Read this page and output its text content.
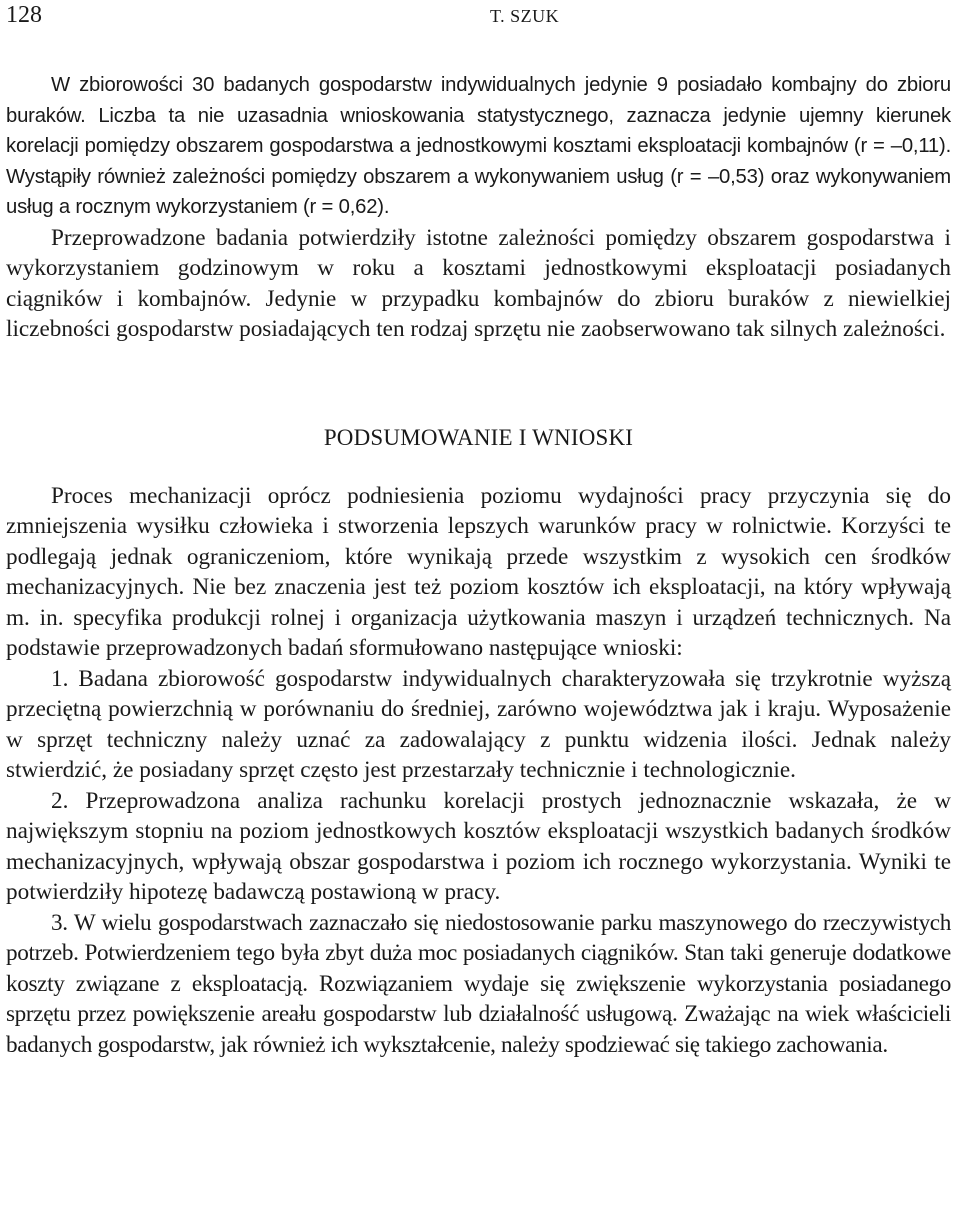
128	T. SZUK

W zbiorowości 30 badanych gospodarstw indywidualnych jedynie 9 posiadało kombajny do zbioru buraków. Liczba ta nie uzasadnia wnioskowania statystycznego, zaznacza jedynie ujemny kierunek korelacji pomiędzy obszarem gospodarstwa a jednostkowymi kosztami eksploatacji kombajnów (r = –0,11). Wystąpiły również zależności pomiędzy obszarem a wykonywaniem usług (r = –0,53) oraz wykonywaniem usług a rocznym wykorzystaniem (r = 0,62).

Przeprowadzone badania potwierdziły istotne zależności pomiędzy obszarem gospodarstwa i wykorzystaniem godzinowym w roku a kosztami jednostkowymi eksploatacji posiadanych ciągników i kombajnów. Jedynie w przypadku kombajnów do zbioru buraków z niewielkiej liczebności gospodarstw posiadających ten rodzaj sprzętu nie zaobserwowano tak silnych zależności.

PODSUMOWANIE I WNIOSKI

Proces mechanizacji oprócz podniesienia poziomu wydajności pracy przyczynia się do zmniejszenia wysiłku człowieka i stworzenia lepszych warunków pracy w rolnictwie. Korzyści te podlegają jednak ograniczeniom, które wynikają przede wszystkim z wysokich cen środków mechanizacyjnych. Nie bez znaczenia jest też poziom kosztów ich eksploatacji, na który wpływają m. in. specyfika produkcji rolnej i organizacja użytkowania maszyn i urządzeń technicznych. Na podstawie przeprowadzonych badań sformułowano następujące wnioski:

1. Badana zbiorowość gospodarstw indywidualnych charakteryzowała się trzykrotnie wyższą przeciętną powierzchnią w porównaniu do średniej, zarówno województwa jak i kraju. Wyposażenie w sprzęt techniczny należy uznać za zadowalający z punktu widzenia ilości. Jednak należy stwierdzić, że posiadany sprzęt często jest przestarzały technicznie i technologicznie.

2. Przeprowadzona analiza rachunku korelacji prostych jednoznacznie wskazała, że w największym stopniu na poziom jednostkowych kosztów eksploatacji wszystkich badanych środków mechanizacyjnych, wpływają obszar gospodarstwa i poziom ich rocznego wykorzystania. Wyniki te potwierdziły hipotezę badawczą postawioną w pracy.

3. W wielu gospodarstwach zaznaczało się niedostosowanie parku maszynowego do rzeczywistych potrzeb. Potwierdzeniem tego była zbyt duża moc posiadanych ciągników. Stan taki generuje dodatkowe koszty związane z eksploatacją. Rozwiązaniem wydaje się zwiększenie wykorzystania posiadanego sprzętu przez powiększenie areału gospodarstw lub działalność usługową. Zważając na wiek właścicieli badanych gospodarstw, jak również ich wykształcenie, należy spodziewać się takiego zachowania.
